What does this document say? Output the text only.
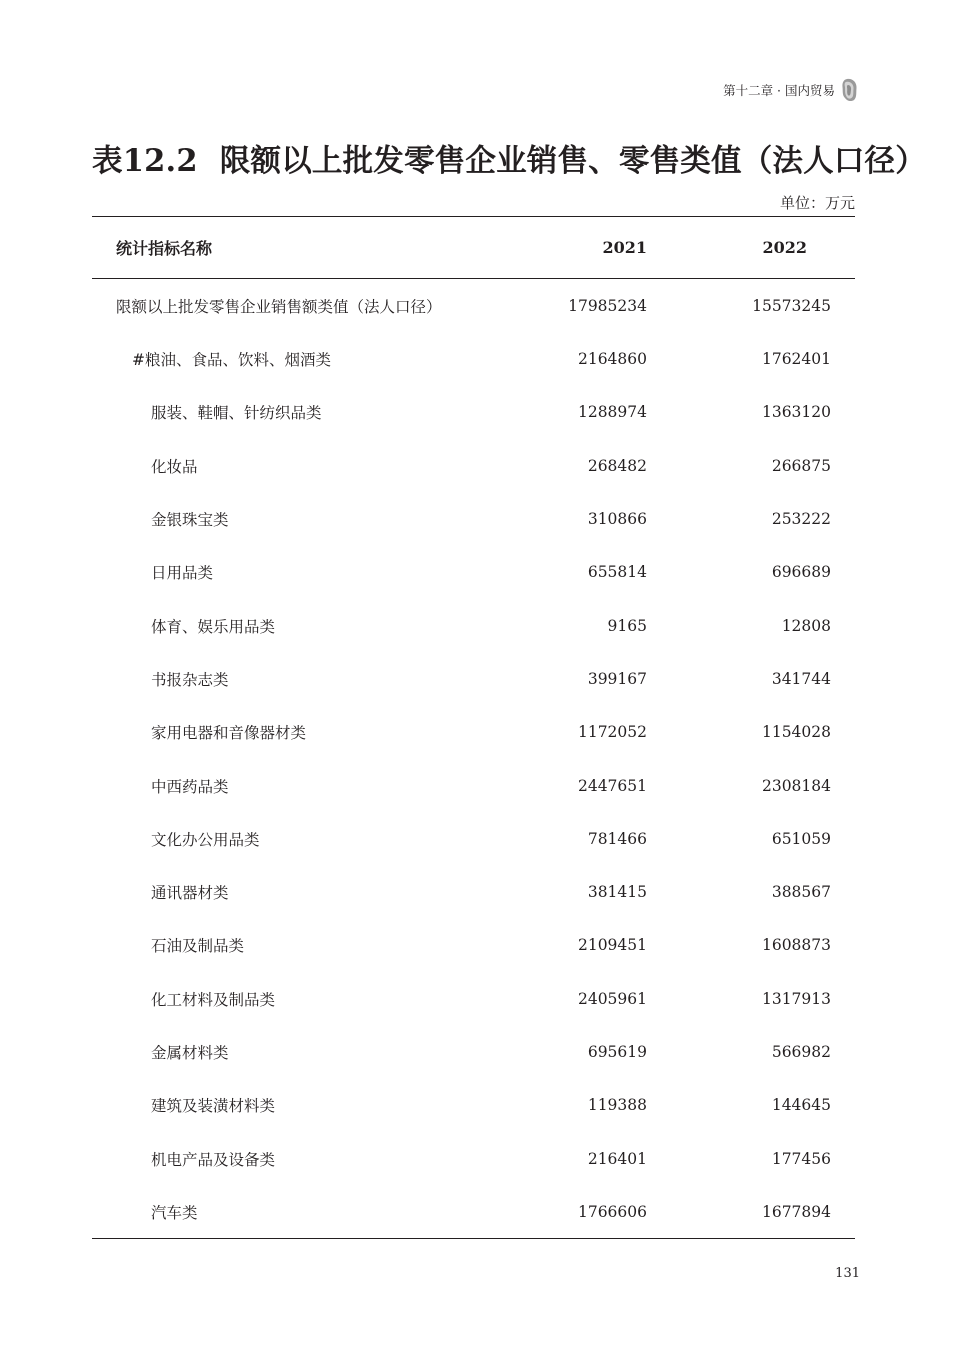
第十二章 · 国内贸易
表12.2 限额以上批发零售企业销售、零售类值（法人口径）
单位：万元
统计指标名称	2021	2022
限额以上批发零售企业销售额类值（法人口径）	17985234	15573245
#粮油、食品、饮料、烟酒类	2164860	1762401
服装、鞋帽、针纺织品类	1288974	1363120
化妆品	268482	266875
金银珠宝类	310866	253222
日用品类	655814	696689
体育、娱乐用品类	9165	12808
书报杂志类	399167	341744
家用电器和音像器材类	1172052	1154028
中西药品类	2447651	2308184
文化办公用品类	781466	651059
通讯器材类	381415	388567
石油及制品类	2109451	1608873
化工材料及制品类	2405961	1317913
金属材料类	695619	566982
建筑及装潢材料类	119388	144645
机电产品及设备类	216401	177456
汽车类	1766606	1677894
131
